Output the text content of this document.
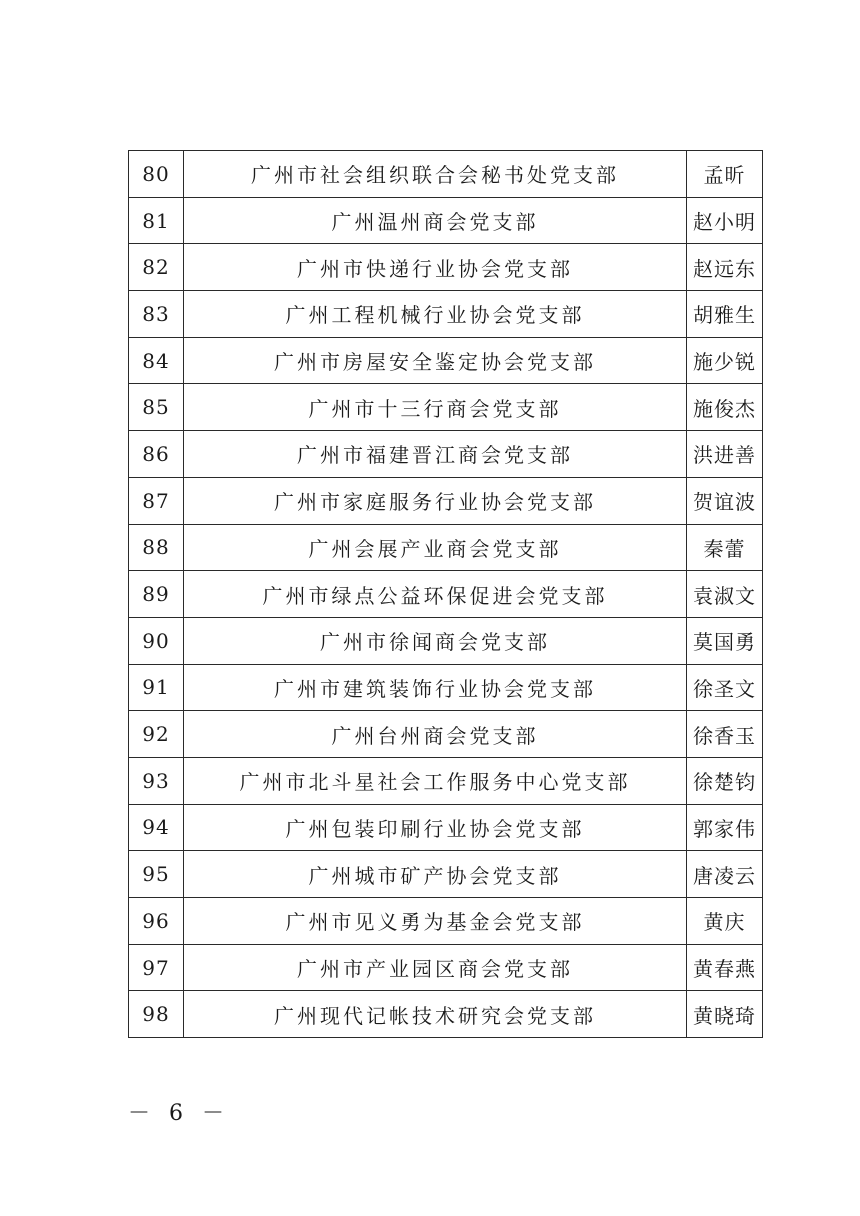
80	广州市社会组织联合会秘书处党支部	孟昕
81	广州温州商会党支部	赵小明
82	广州市快递行业协会党支部	赵远东
83	广州工程机械行业协会党支部	胡雅生
84	广州市房屋安全鉴定协会党支部	施少锐
85	广州市十三行商会党支部	施俊杰
86	广州市福建晋江商会党支部	洪进善
87	广州市家庭服务行业协会党支部	贺谊波
88	广州会展产业商会党支部	秦蕾
89	广州市绿点公益环保促进会党支部	袁淑文
90	广州市徐闻商会党支部	莫国勇
91	广州市建筑装饰行业协会党支部	徐圣文
92	广州台州商会党支部	徐香玉
93	广州市北斗星社会工作服务中心党支部	徐楚钧
94	广州包装印刷行业协会党支部	郭家伟
95	广州城市矿产协会党支部	唐凌云
96	广州市见义勇为基金会党支部	黄庆
97	广州市产业园区商会党支部	黄春燕
98	广州现代记帐技术研究会党支部	黄晓琦
－ 6 －
